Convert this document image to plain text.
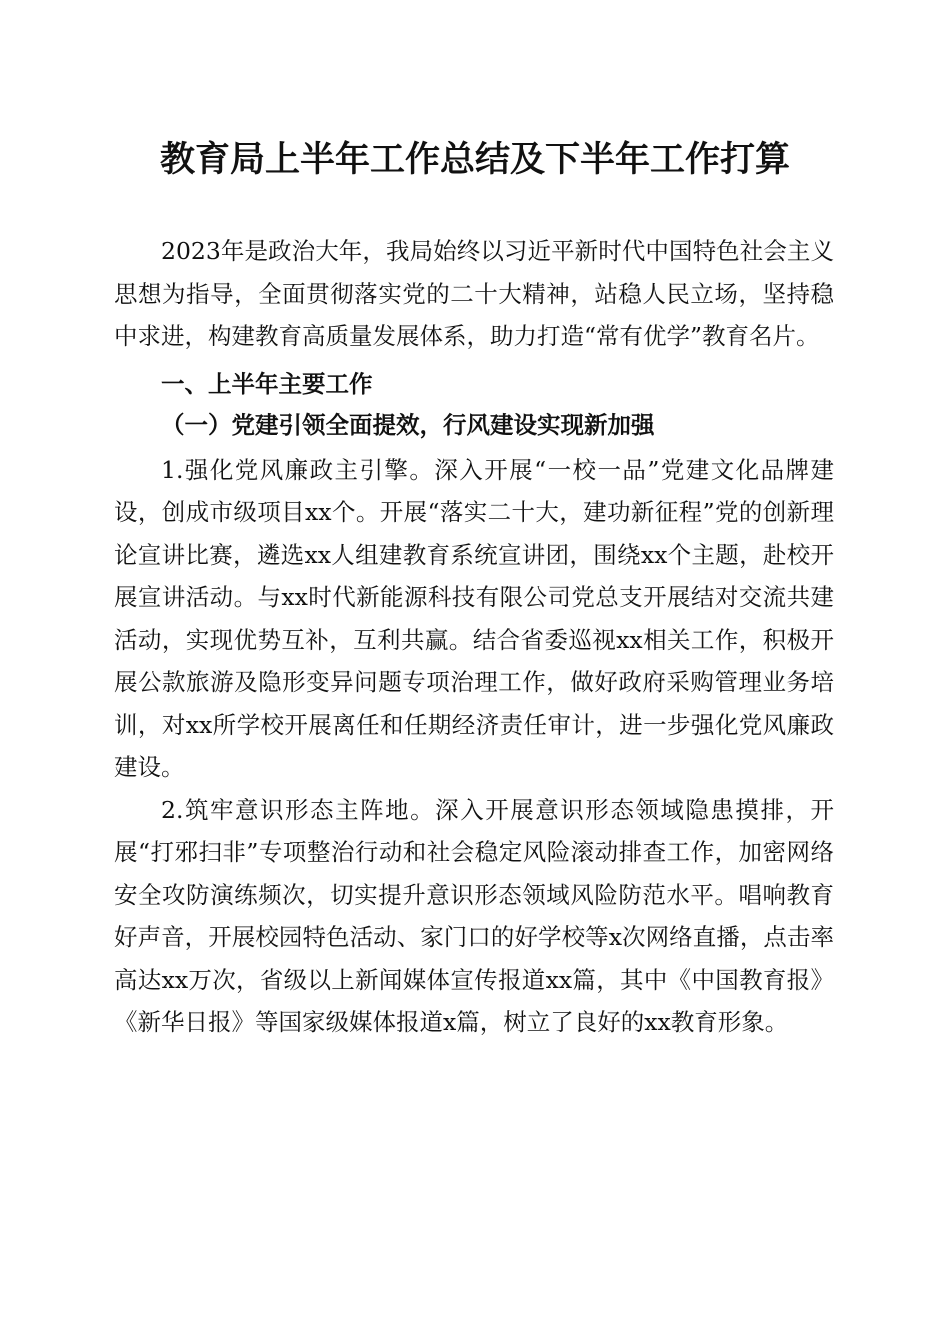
教育局上半年工作总结及下半年工作打算

2023年是政治大年，我局始终以习近平新时代中国特色社会主义思想为指导，全面贯彻落实党的二十大精神，站稳人民立场，坚持稳中求进，构建教育高质量发展体系，助力打造“常有优学”教育名片。

一、上半年主要工作

（一）党建引领全面提效，行风建设实现新加强

1.强化党风廉政主引擎。深入开展“一校一品”党建文化品牌建设，创成市级项目xx个。开展“落实二十大，建功新征程”党的创新理论宣讲比赛，遴选xx人组建教育系统宣讲团，围绕xx个主题，赴校开展宣讲活动。与xx时代新能源科技有限公司党总支开展结对交流共建活动，实现优势互补，互利共赢。结合省委巡视xx相关工作，积极开展公款旅游及隐形变异问题专项治理工作，做好政府采购管理业务培训，对xx所学校开展离任和任期经济责任审计，进一步强化党风廉政建设。

2.筑牢意识形态主阵地。深入开展意识形态领域隐患摸排，开展“打邪扫非”专项整治行动和社会稳定风险滚动排查工作，加密网络安全攻防演练频次，切实提升意识形态领域风险防范水平。唱响教育好声音，开展校园特色活动、家门口的好学校等x次网络直播，点击率高达xx万次，省级以上新闻媒体宣传报道xx篇，其中《中国教育报》《新华日报》等国家级媒体报道x篇，树立了良好的xx教育形象。
